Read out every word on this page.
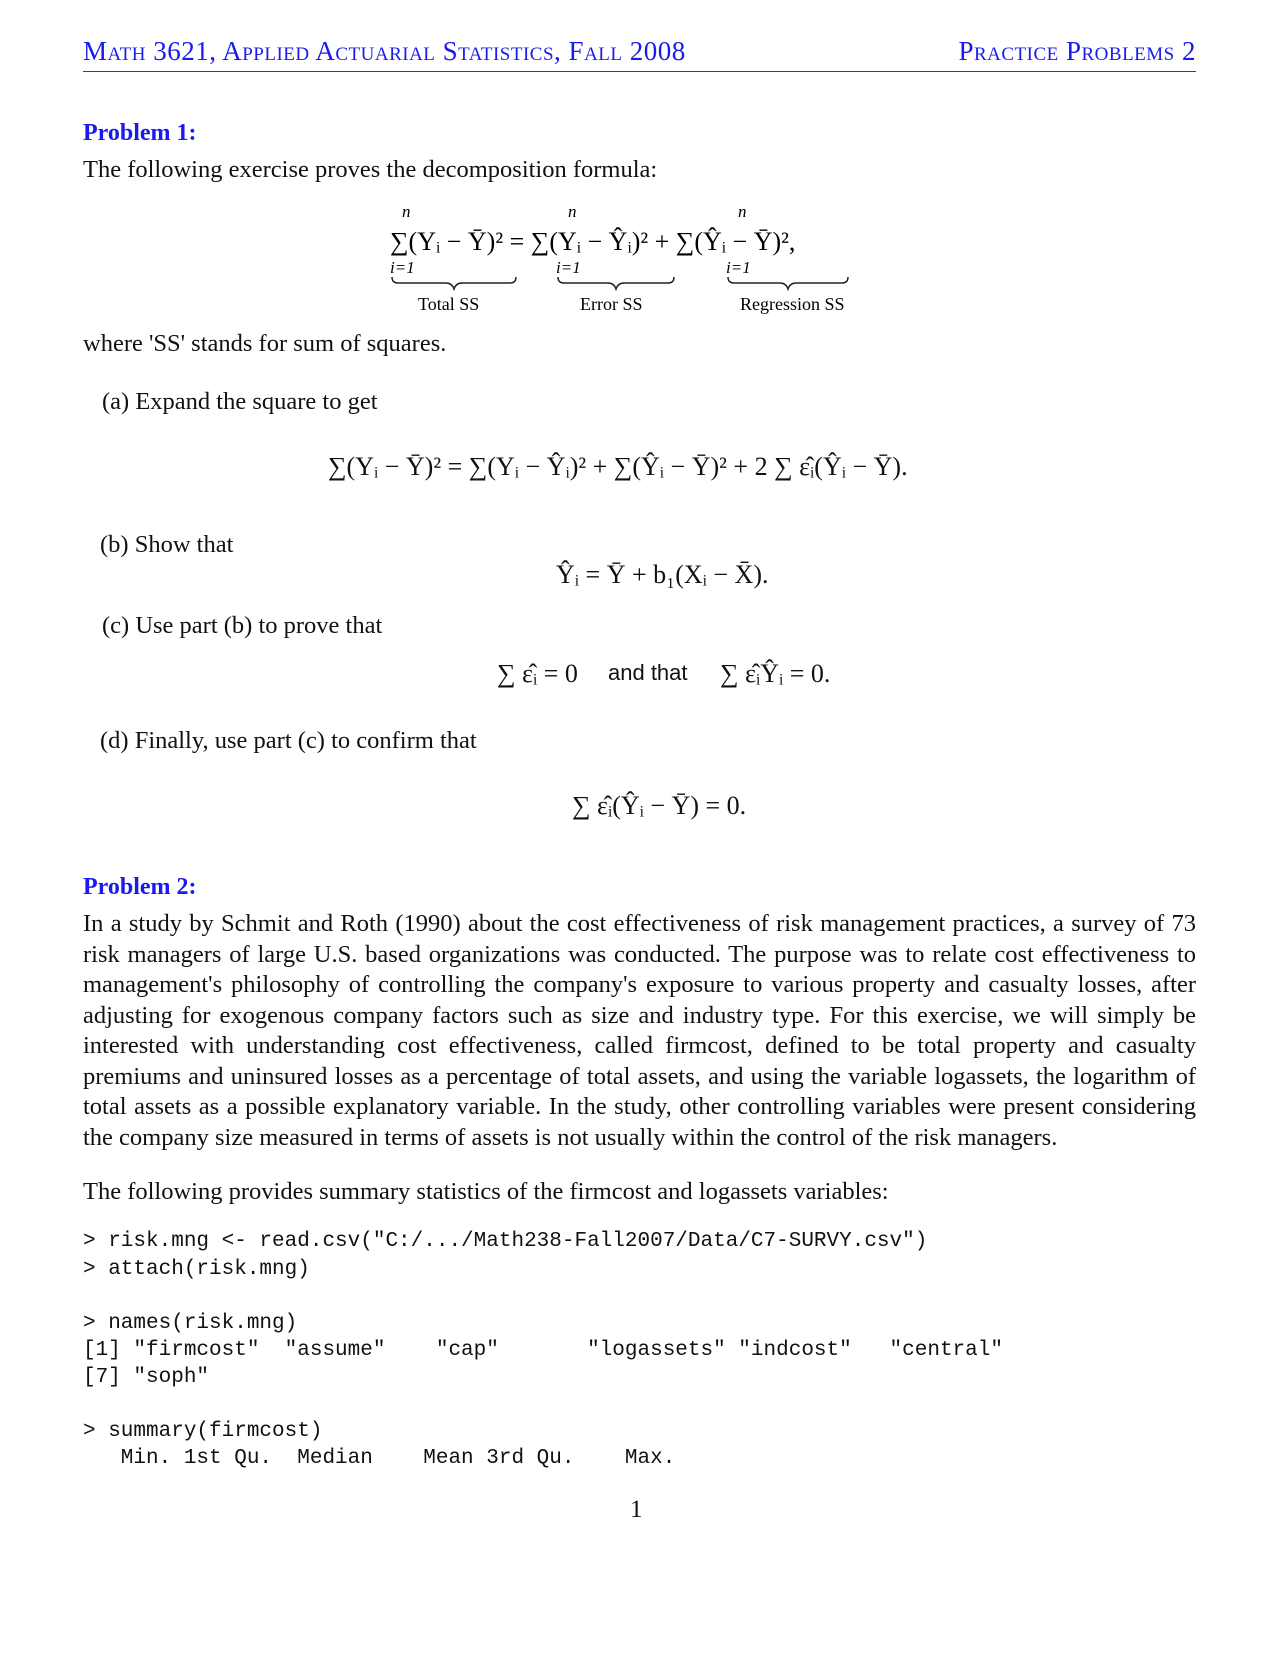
Math 3621, Applied Actuarial Statistics, Fall 2008	Practice Problems 2
Problem 1:
The following exercise proves the decomposition formula:
n
i=1
n
i=1
n
i=1
∑(Yᵢ − Ȳ)² = ∑(Yᵢ − Ŷᵢ)² + ∑(Ŷᵢ − Ȳ)²,
Total SS	Error SS	Regression SS
where 'SS' stands for sum of squares.
(a) Expand the square to get
∑(Yᵢ − Ȳ)² = ∑(Yᵢ − Ŷᵢ)² + ∑(Ŷᵢ − Ȳ)² + 2 ∑ ε̂ᵢ(Ŷᵢ − Ȳ).
(b) Show that
Ŷᵢ = Ȳ + b₁(Xᵢ − X̄).
(c) Use part (b) to prove that
∑ ε̂ᵢ = 0 and that ∑ ε̂ᵢŶᵢ = 0.
(d) Finally, use part (c) to confirm that
∑ ε̂ᵢ(Ŷᵢ − Ȳ) = 0.
Problem 2:
In a study by Schmit and Roth (1990) about the cost effectiveness of risk management practices, a survey of 73 risk managers of large U.S. based organizations was conducted. The purpose was to relate cost effectiveness to management's philosophy of controlling the company's exposure to various property and casualty losses, after adjusting for exogenous company factors such as size and industry type. For this exercise, we will simply be interested with understanding cost effectiveness, called firmcost, defined to be total property and casualty premiums and uninsured losses as a percentage of total assets, and using the variable logassets, the logarithm of total assets as a possible explanatory variable. In the study, other controlling variables were present considering the company size measured in terms of assets is not usually within the control of the risk managers.
The following provides summary statistics of the firmcost and logassets variables:
> risk.mng <- read.csv("C:/.../Math238-Fall2007/Data/C7-SURVY.csv")
> attach(risk.mng)
> names(risk.mng)
[1] "firmcost"  "assume"    "cap"       "logassets" "indcost"   "central"
[7] "soph"
> summary(firmcost)
Min. 1st Qu.  Median    Mean 3rd Qu.    Max.
1
